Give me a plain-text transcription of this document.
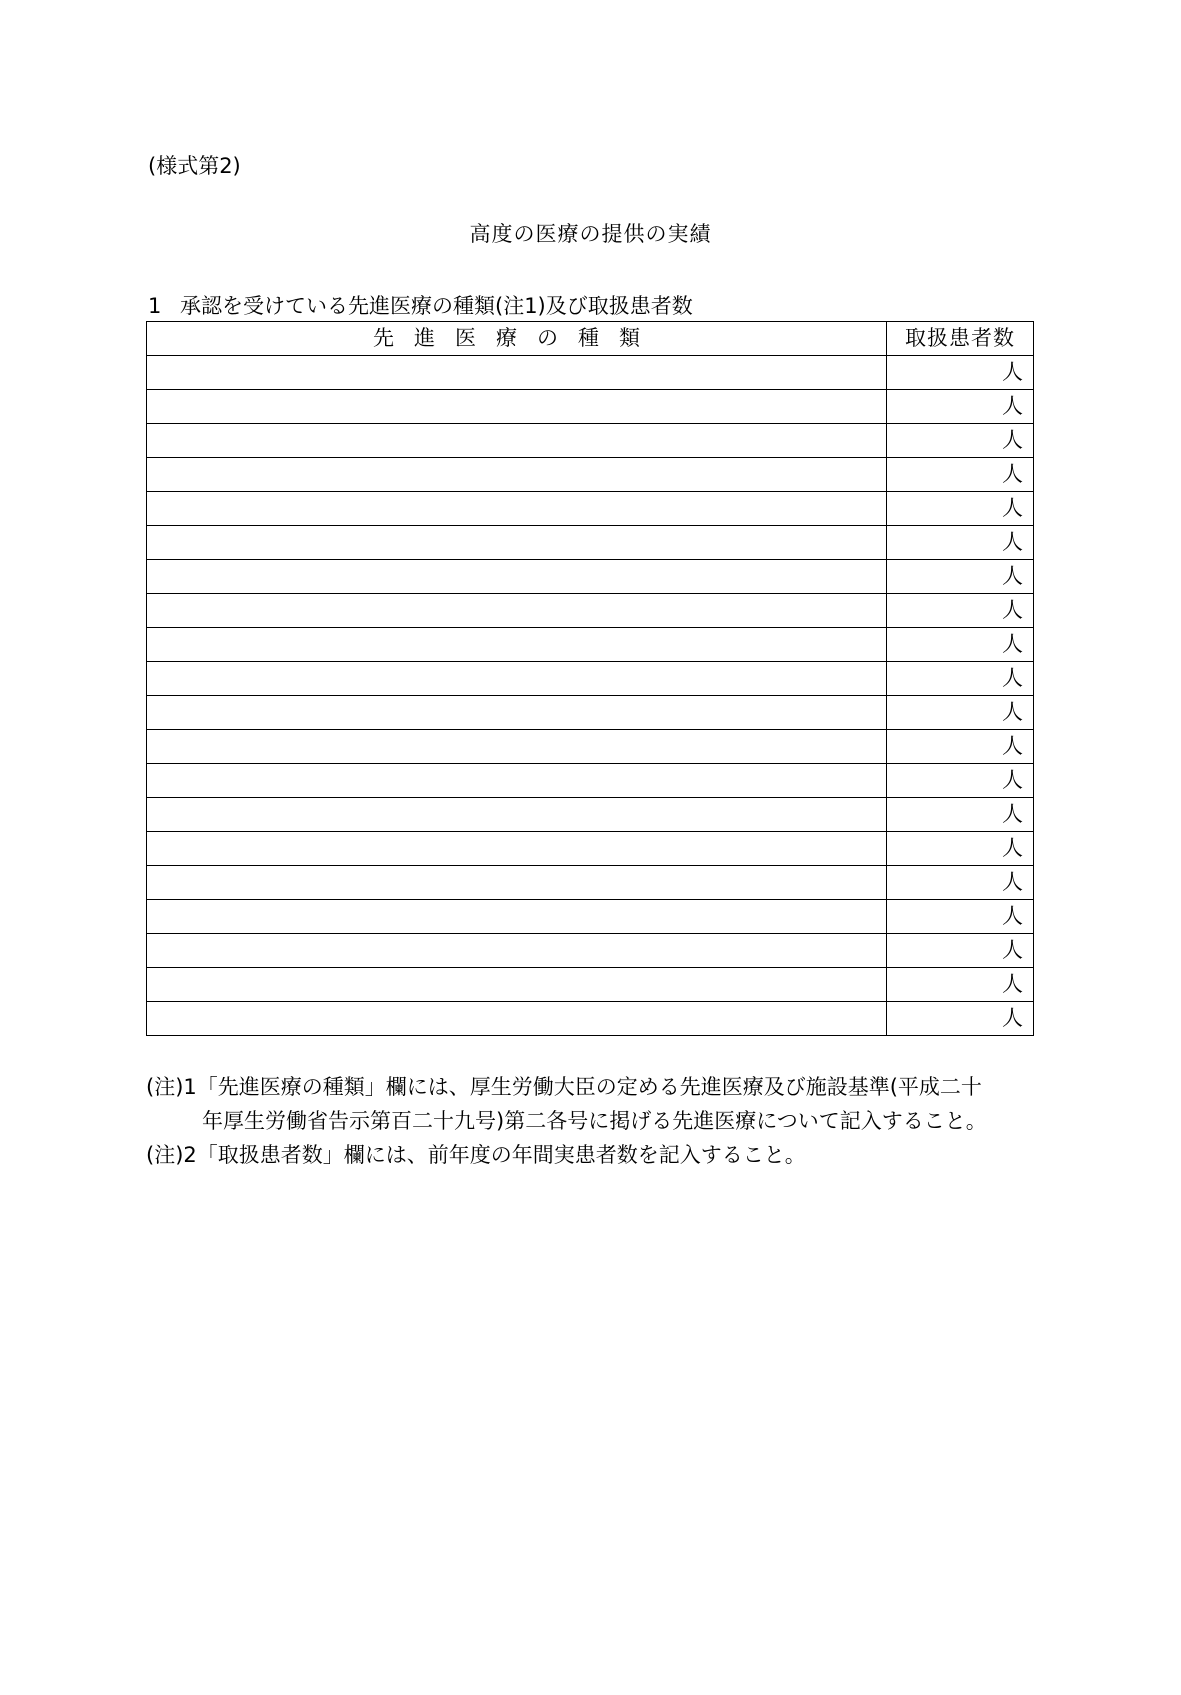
(様式第2)
高度の医療の提供の実績
1 承認を受けている先進医療の種類(注1)及び取扱患者数
先進医療の種類	取扱患者数
	人
	人
	人
	人
	人
	人
	人
	人
	人
	人
	人
	人
	人
	人
	人
	人
	人
	人
	人
	人
(注)1「先進医療の種類」欄には、厚生労働大臣の定める先進医療及び施設基準(平成二十
年厚生労働省告示第百二十九号)第二各号に掲げる先進医療について記入すること。
(注)2「取扱患者数」欄には、前年度の年間実患者数を記入すること。
